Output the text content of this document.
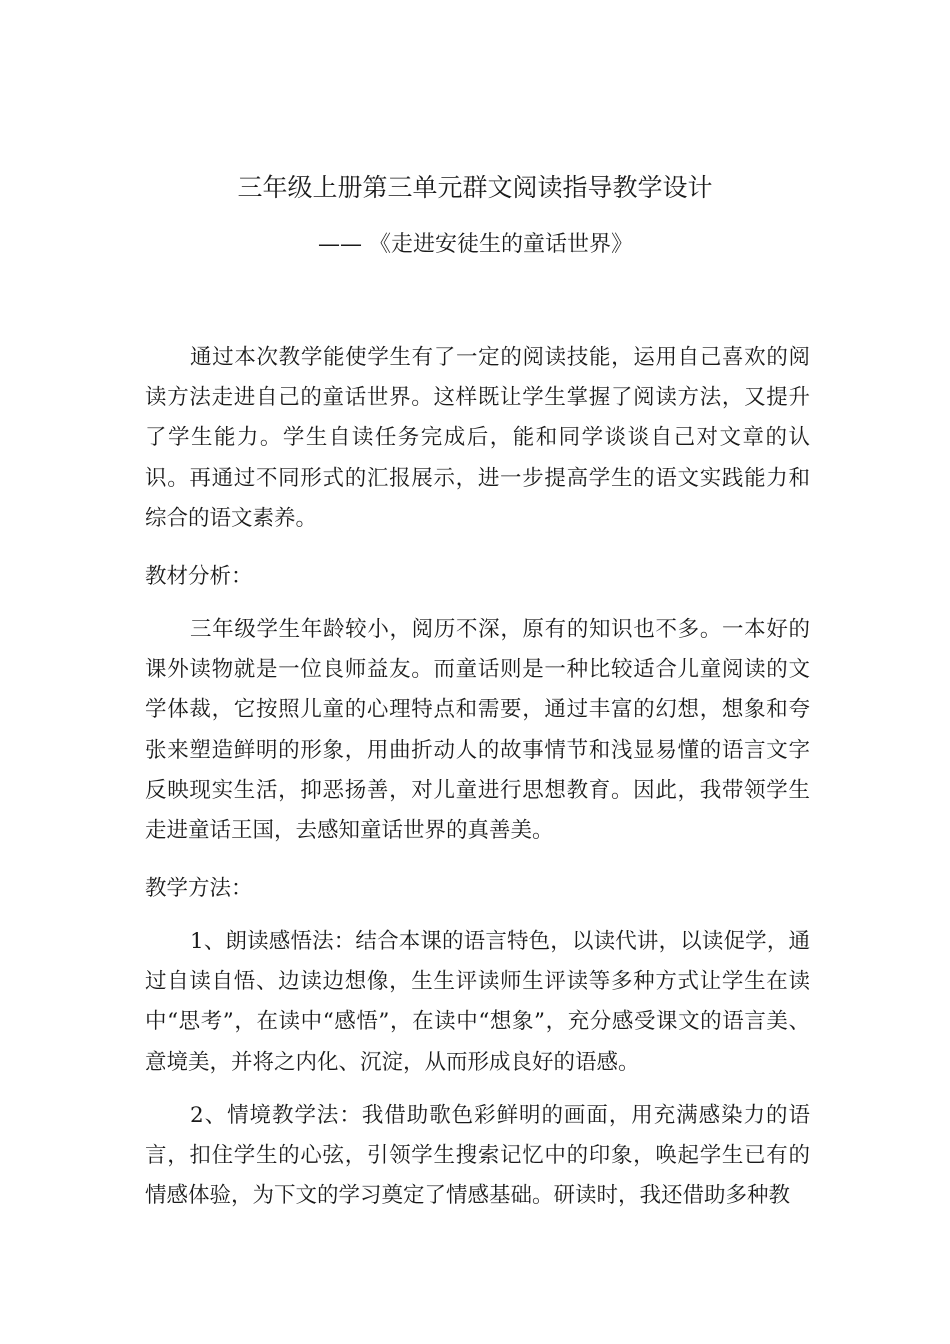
三年级上册第三单元群文阅读指导教学设计

—— 《走进安徒生的童话世界》

通过本次教学能使学生有了一定的阅读技能，运用自己喜欢的阅读方法走进自己的童话世界。这样既让学生掌握了阅读方法，又提升了学生能力。学生自读任务完成后，能和同学谈谈自己对文章的认识。再通过不同形式的汇报展示，进一步提高学生的语文实践能力和综合的语文素养。

教材分析：

三年级学生年龄较小，阅历不深，原有的知识也不多。一本好的课外读物就是一位良师益友。而童话则是一种比较适合儿童阅读的文学体裁，它按照儿童的心理特点和需要，通过丰富的幻想，想象和夸张来塑造鲜明的形象，用曲折动人的故事情节和浅显易懂的语言文字反映现实生活，抑恶扬善，对儿童进行思想教育。因此，我带领学生走进童话王国，去感知童话世界的真善美。

教学方法：

1、朗读感悟法：结合本课的语言特色，以读代讲，以读促学，通过自读自悟、边读边想像，生生评读师生评读等多种方式让学生在读中“思考”，在读中“感悟”，在读中“想象”，充分感受课文的语言美、意境美，并将之内化、沉淀，从而形成良好的语感。

2、情境教学法：我借助歌色彩鲜明的画面，用充满感染力的语言，扣住学生的心弦，引领学生搜索记忆中的印象，唤起学生已有的情感体验，为下文的学习奠定了情感基础。研读时，我还借助多种教
